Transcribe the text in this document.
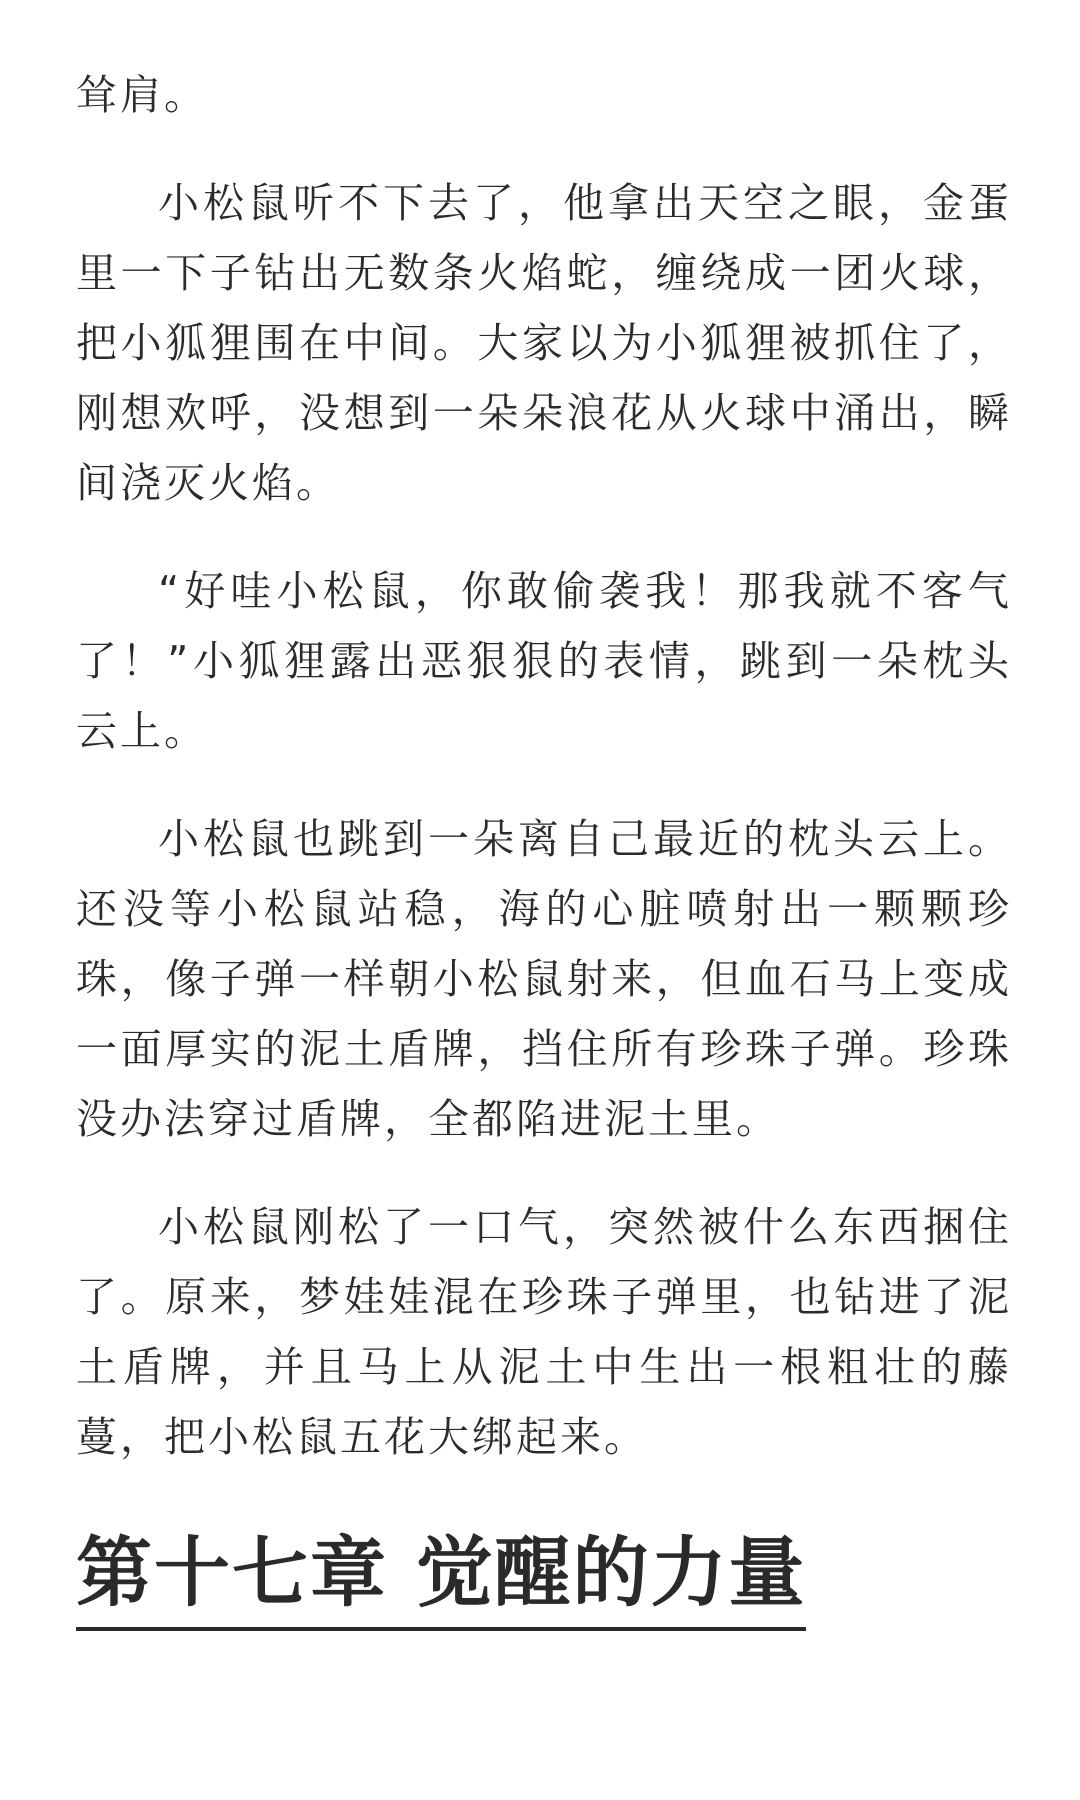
耸肩。

小松鼠听不下去了，他拿出天空之眼，金蛋里一下子钻出无数条火焰蛇，缠绕成一团火球，把小狐狸围在中间。大家以为小狐狸被抓住了，刚想欢呼，没想到一朵朵浪花从火球中涌出，瞬间浇灭火焰。

“好哇小松鼠，你敢偷袭我！那我就不客气了！”小狐狸露出恶狠狠的表情，跳到一朵枕头云上。

小松鼠也跳到一朵离自己最近的枕头云上。还没等小松鼠站稳，海的心脏喷射出一颗颗珍珠，像子弹一样朝小松鼠射来，但血石马上变成一面厚实的泥土盾牌，挡住所有珍珠子弹。珍珠没办法穿过盾牌，全都陷进泥土里。

小松鼠刚松了一口气，突然被什么东西捆住了。原来，梦娃娃混在珍珠子弹里，也钻进了泥土盾牌，并且马上从泥土中生出一根粗壮的藤蔓，把小松鼠五花大绑起来。

第十七章 觉醒的力量
